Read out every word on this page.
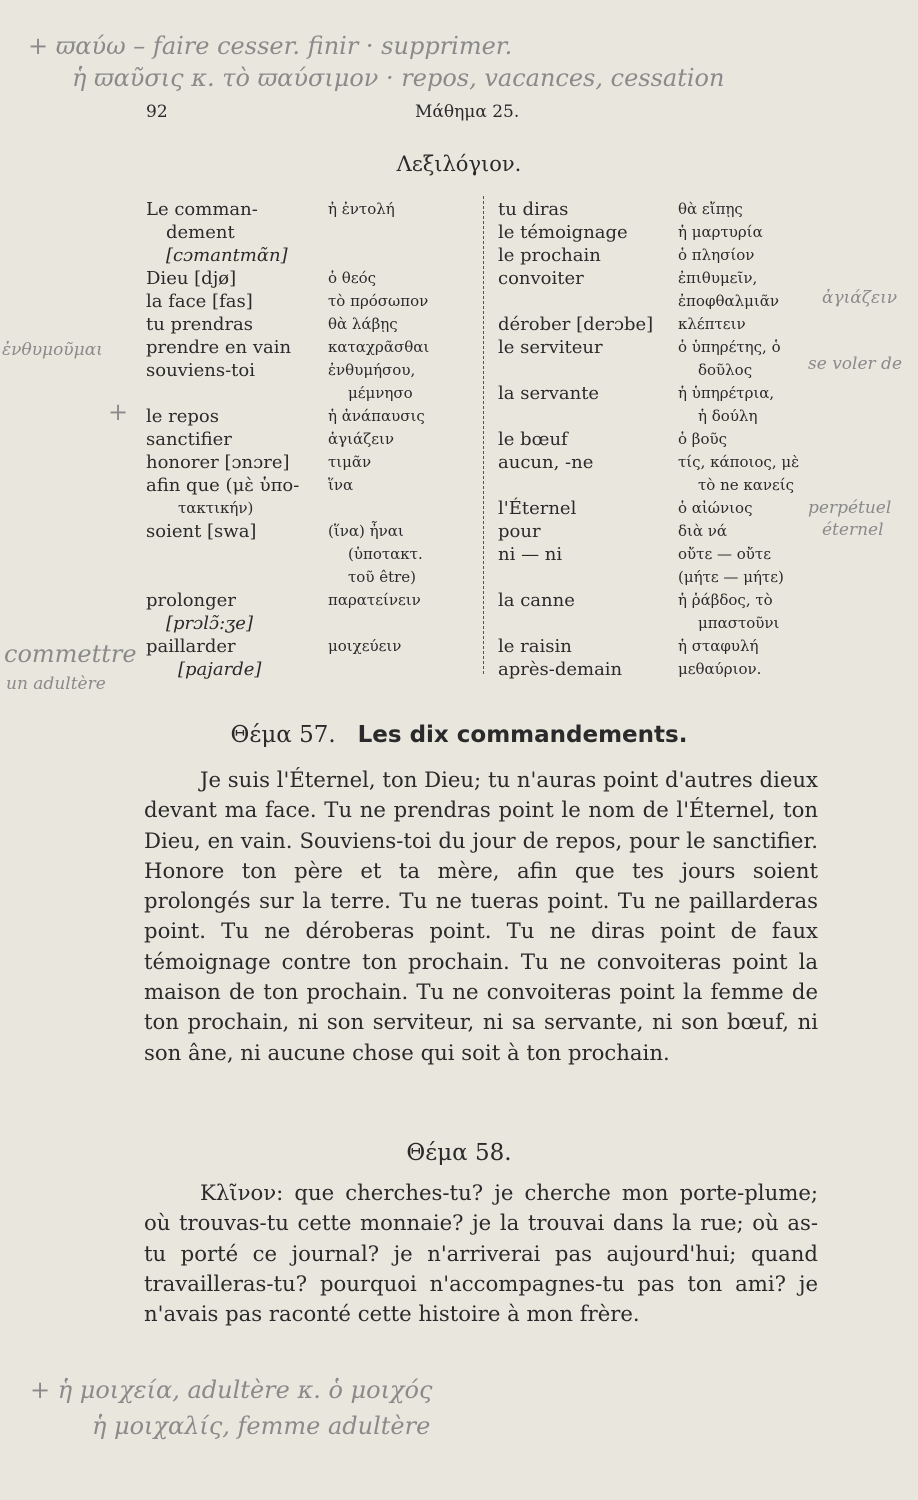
+ ϖαύω – faire cesser. finir · supprimer.
ἡ ϖαῦσις κ. τὸ ϖαύσιμον · repos, vacances, cessation
ἐνθυμοῦμαι
+
commettre
un adultère
ἀγιάζειν
se voler de
perpétuel
éternel
+ ἡ μοιχεία, adultère κ. ὁ μοιχός
ἡ μοιχαλίς, femme adultère
92	Μάθημα 25.
Λεξιλόγιον.
Le comman-	ἡ ἐντολή
dement
[cɔmantmɑ̃n]
Dieu [djø]	ὁ θεός
la face [fas]	τὸ πρόσωπον
tu prendras	θὰ λάβῃς
prendre en vain	καταχρᾶσθαι
souviens-toi	ἐνθυμήσου,
μέμνησο
le repos	ἡ ἀνάπαυσις
sanctifier	ἁγιάζειν
honorer [ɔnɔre]	τιμᾶν
afin que (μὲ ὑπο-	ἵνα
τακτικήν)
soient [swa]	(ἵνα) ἦναι
(ὑποτακτ.
τοῦ être)
prolonger	παρατείνειν
[prɔlɔ̃:ʒe]
paillarder	μοιχεύειν
[pajarde]
tu diras	θὰ εἴπῃς
le témoignage	ἡ μαρτυρία
le prochain	ὁ πλησίον
convoiter	ἐπιθυμεῖν,
ἐποφθαλμιᾶν
dérober [derɔbe]	κλέπτειν
le serviteur	ὁ ὑπηρέτης, ὁ
δοῦλος
la servante	ἡ ὑπηρέτρια,
ἡ δούλη
le bœuf	ὁ βοῦς
aucun, -ne	τίς, κάποιος, μὲ
τὸ ne κανείς
l'Éternel	ὁ αἰώνιος
pour	διὰ νά
ni — ni	οὔτε — οὔτε
(μήτε — μήτε)
la canne	ἡ ῥάβδος, τὸ
μπαστοῦνι
le raisin	ἡ σταφυλή
après-demain	μεθαύριον.
Θέμα 57. Les dix commandements.
Je suis l'Éternel, ton Dieu; tu n'auras point d'autres dieux devant ma face. Tu ne prendras point le nom de l'Éternel, ton Dieu, en vain. Souviens-toi du jour de repos, pour le sanctifier. Honore ton père et ta mère, afin que tes jours soient prolongés sur la terre. Tu ne tueras point. Tu ne paillarderas point. Tu ne déroberas point. Tu ne diras point de faux témoignage contre ton prochain. Tu ne convoiteras point la maison de ton prochain. Tu ne convoiteras point la femme de ton prochain, ni son serviteur, ni sa servante, ni son bœuf, ni son âne, ni aucune chose qui soit à ton prochain.
Θέμα 58.
Κλῖνον: que cherches-tu? je cherche mon porte-plume; où trouvas-tu cette monnaie? je la trouvai dans la rue; où as-tu porté ce journal? je n'arriverai pas aujourd'hui; quand travailleras-tu? pourquoi n'accompagnes-tu pas ton ami? je n'avais pas raconté cette histoire à mon frère.
